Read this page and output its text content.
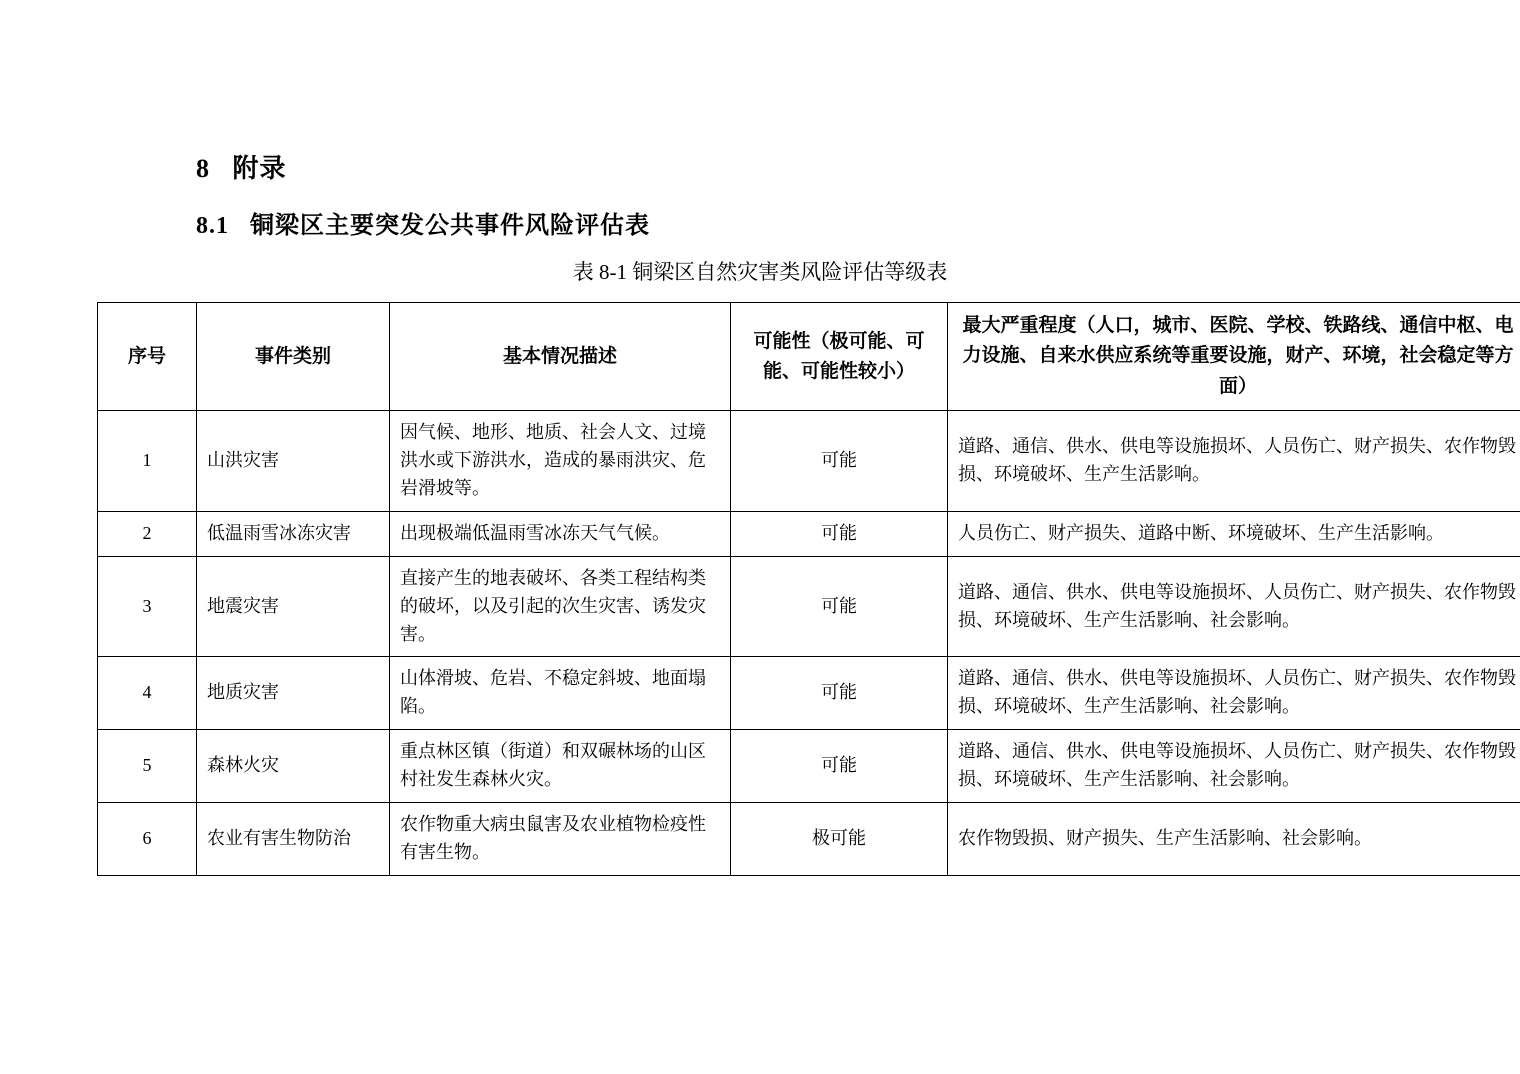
8   附录
8.1   铜梁区主要突发公共事件风险评估表
表 8-1 铜梁区自然灾害类风险评估等级表
序号	事件类别	基本情况描述	可能性（极可能、可能、可能性较小）	最大严重程度（人口，城市、医院、学校、铁路线、通信中枢、电力设施、自来水供应系统等重要设施，财产、环境，社会稳定等方面）
1	山洪灾害	因气候、地形、地质、社会人文、过境洪水或下游洪水，造成的暴雨洪灾、危岩滑坡等。	可能	道路、通信、供水、供电等设施损坏、人员伤亡、财产损失、农作物毁损、环境破坏、生产生活影响。
2	低温雨雪冰冻灾害	出现极端低温雨雪冰冻天气气候。	可能	人员伤亡、财产损失、道路中断、环境破坏、生产生活影响。
3	地震灾害	直接产生的地表破坏、各类工程结构类的破坏，以及引起的次生灾害、诱发灾害。	可能	道路、通信、供水、供电等设施损坏、人员伤亡、财产损失、农作物毁损、环境破坏、生产生活影响、社会影响。
4	地质灾害	山体滑坡、危岩、不稳定斜坡、地面塌陷。	可能	道路、通信、供水、供电等设施损坏、人员伤亡、财产损失、农作物毁损、环境破坏、生产生活影响、社会影响。
5	森林火灾	重点林区镇（街道）和双碾林场的山区村社发生森林火灾。	可能	道路、通信、供水、供电等设施损坏、人员伤亡、财产损失、农作物毁损、环境破坏、生产生活影响、社会影响。
6	农业有害生物防治	农作物重大病虫鼠害及农业植物检疫性有害生物。	极可能	农作物毁损、财产损失、生产生活影响、社会影响。
